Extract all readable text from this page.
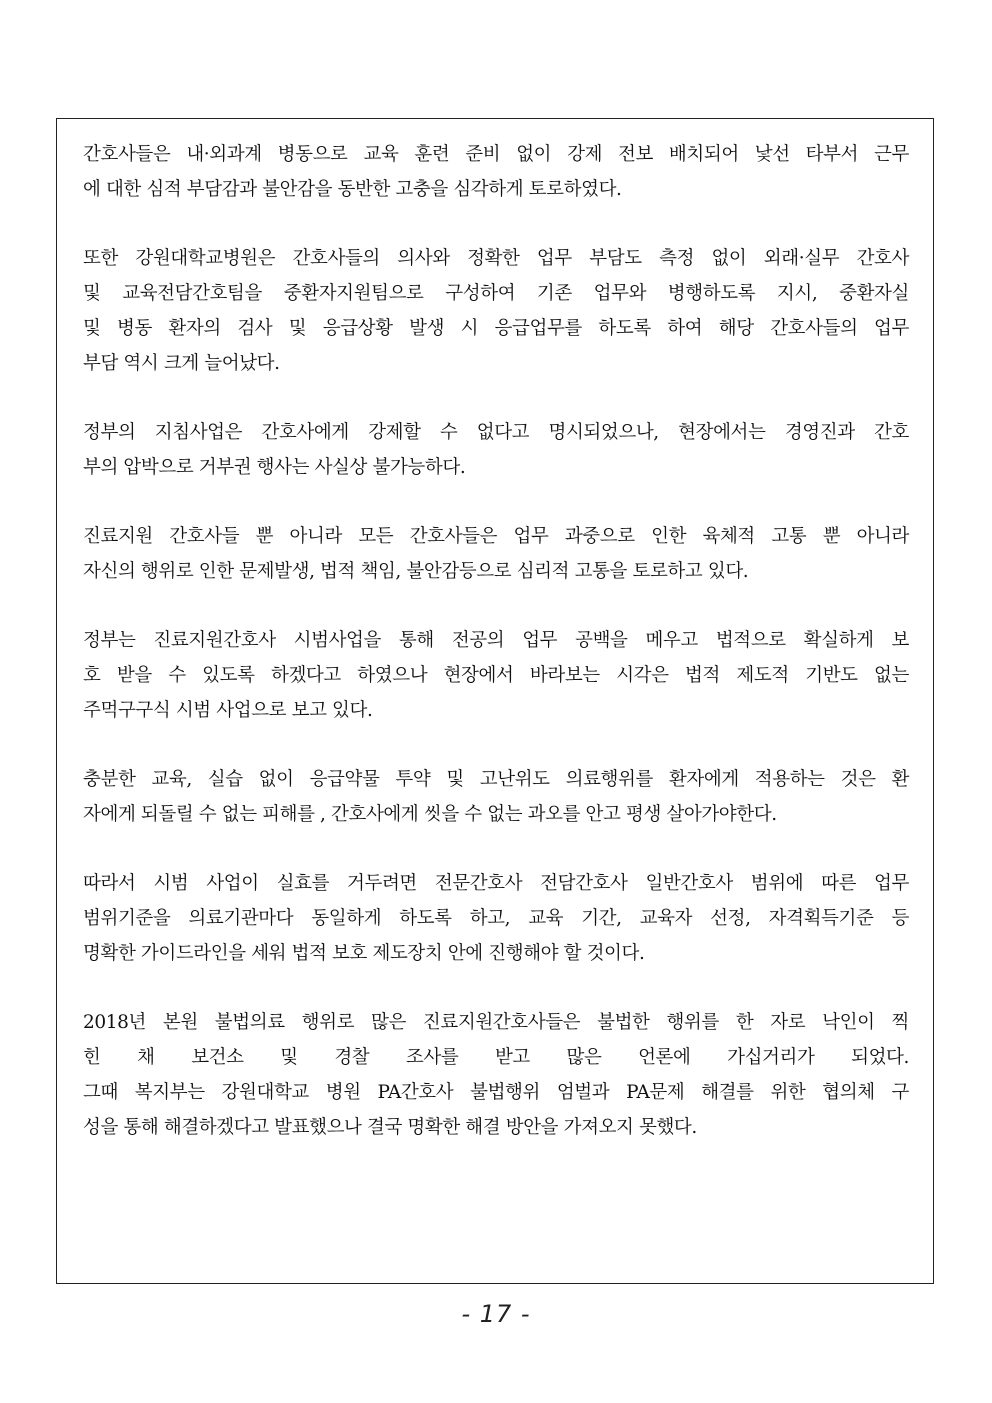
간호사들은 내·외과계 병동으로 교육 훈련 준비 없이 강제 전보 배치되어 낯선 타부서 근무
에 대한 심적 부담감과 불안감을 동반한 고충을 심각하게 토로하였다.
또한 강원대학교병원은 간호사들의 의사와 정확한 업무 부담도 측정 없이 외래·실무 간호사
및 교육전담간호팀을 중환자지원팀으로 구성하여 기존 업무와 병행하도록 지시, 중환자실
및 병동 환자의 검사 및 응급상황 발생 시 응급업무를 하도록 하여 해당 간호사들의 업무
부담 역시 크게 늘어났다.
정부의 지침사업은 간호사에게 강제할 수 없다고 명시되었으나, 현장에서는 경영진과 간호
부의 압박으로 거부권 행사는 사실상 불가능하다.
진료지원 간호사들 뿐 아니라 모든 간호사들은 업무 과중으로 인한 육체적 고통 뿐 아니라
자신의 행위로 인한 문제발생, 법적 책임, 불안감등으로 심리적 고통을 토로하고 있다.
정부는 진료지원간호사 시범사업을 통해 전공의 업무 공백을 메우고 법적으로 확실하게 보
호 받을 수 있도록 하겠다고 하였으나 현장에서 바라보는 시각은 법적 제도적 기반도 없는
주먹구구식 시범 사업으로 보고 있다.
충분한 교육, 실습 없이 응급약물 투약 및 고난위도 의료행위를 환자에게 적용하는 것은 환
자에게 되돌릴 수 없는 피해를 , 간호사에게 씻을 수 없는 과오를 안고 평생 살아가야한다.
따라서 시범 사업이 실효를 거두려면 전문간호사 전담간호사 일반간호사 범위에 따른 업무
범위기준을 의료기관마다 동일하게 하도록 하고, 교육 기간, 교육자 선정, 자격획득기준 등
명확한 가이드라인을 세워 법적 보호 제도장치 안에 진행해야 할 것이다.
2018년 본원 불법의료 행위로 많은 진료지원간호사들은 불법한 행위를 한 자로 낙인이 찍
힌 채 보건소 및 경찰 조사를 받고 많은 언론에 가십거리가 되었다.
그때 복지부는 강원대학교 병원 PA간호사 불법행위 엄벌과 PA문제 해결를 위한 협의체 구
성을 통해 해결하겠다고 발표했으나 결국 명확한 해결 방안을 가져오지 못했다.
- 17 -
